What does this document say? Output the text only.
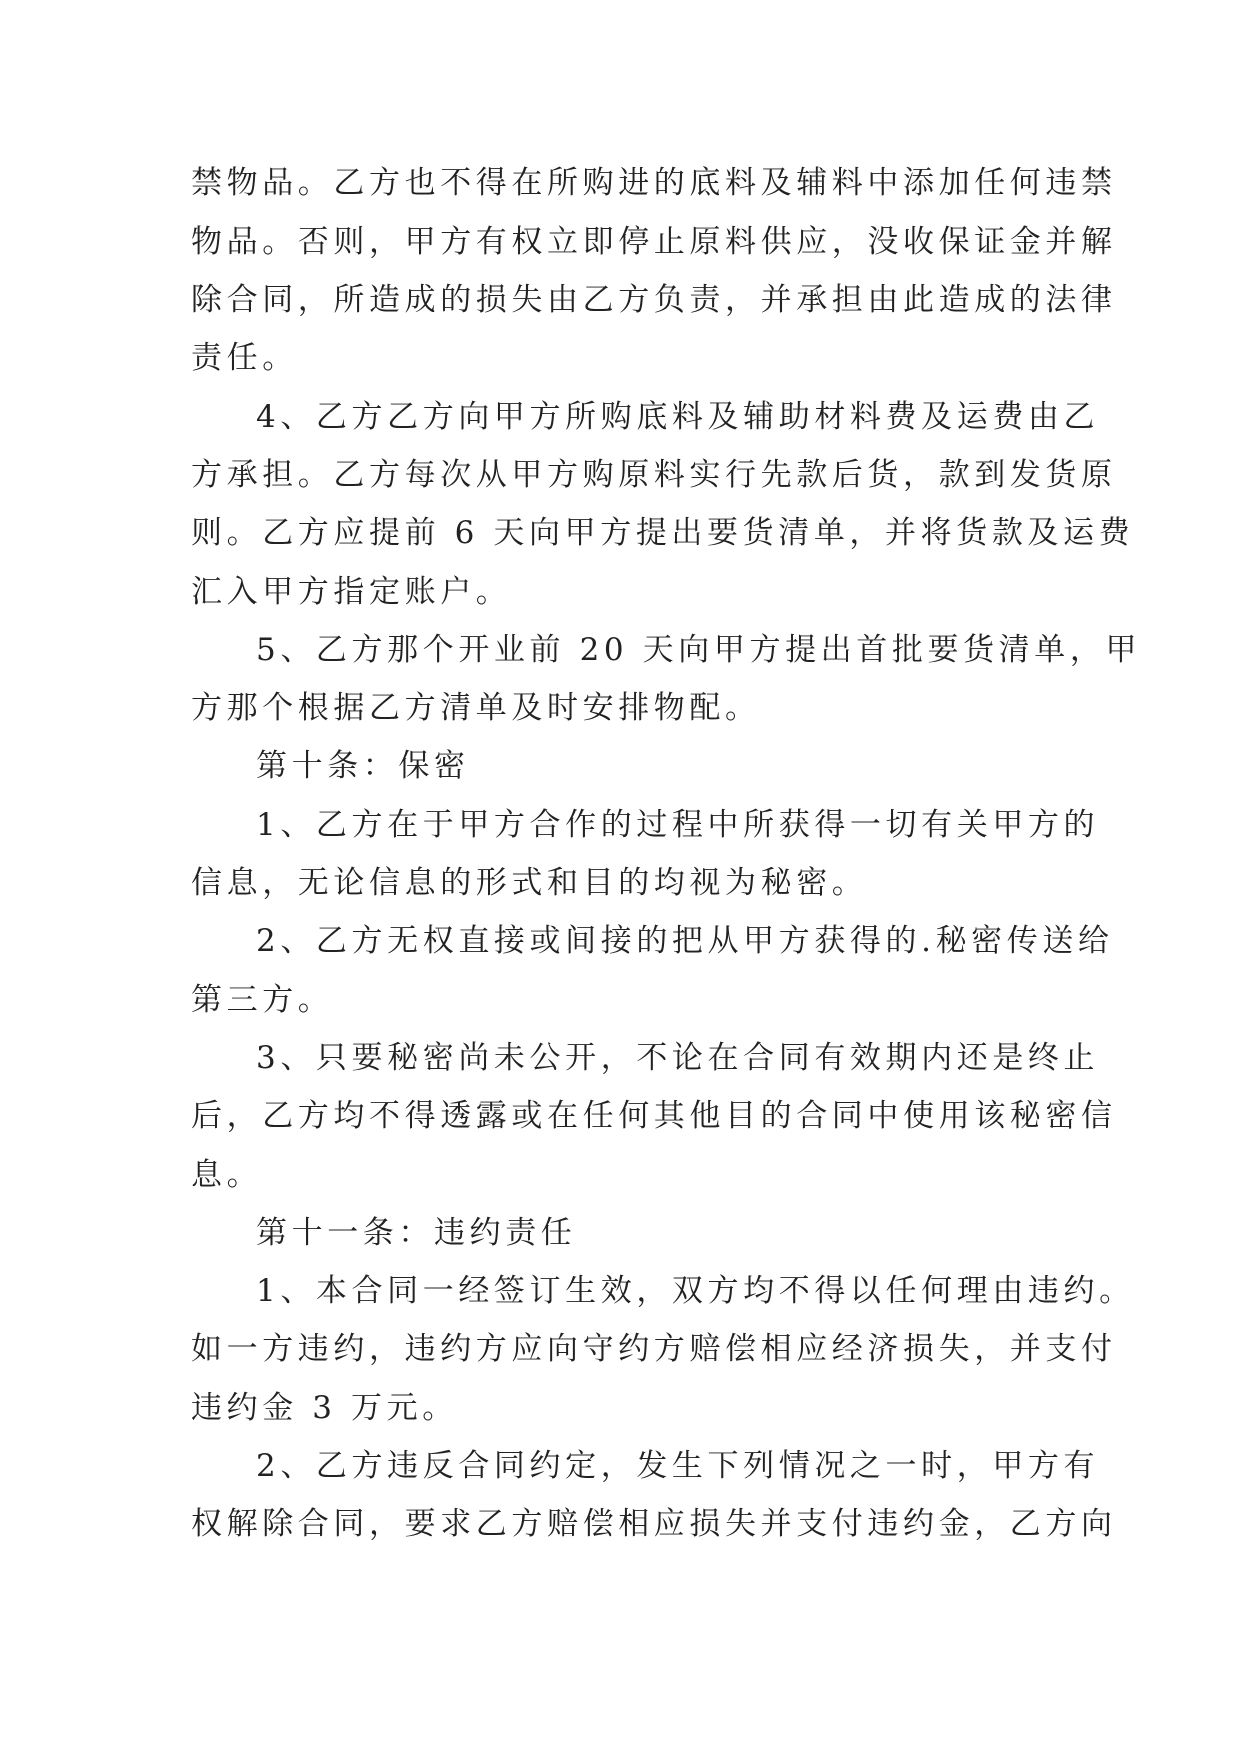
禁物品。乙方也不得在所购进的底料及辅料中添加任何违禁
物品。否则，甲方有权立即停止原料供应，没收保证金并解
除合同，所造成的损失由乙方负责，并承担由此造成的法律
责任。
4、乙方乙方向甲方所购底料及辅助材料费及运费由乙
方承担。乙方每次从甲方购原料实行先款后货，款到发货原
则。乙方应提前 6 天向甲方提出要货清单，并将货款及运费
汇入甲方指定账户。
5、乙方那个开业前 20 天向甲方提出首批要货清单，甲
方那个根据乙方清单及时安排物配。
第十条：保密
1、乙方在于甲方合作的过程中所获得一切有关甲方的
信息，无论信息的形式和目的均视为秘密。
2、乙方无权直接或间接的把从甲方获得的.秘密传送给
第三方。
3、只要秘密尚未公开，不论在合同有效期内还是终止
后，乙方均不得透露或在任何其他目的合同中使用该秘密信
息。
第十一条：违约责任
1、本合同一经签订生效，双方均不得以任何理由违约。
如一方违约，违约方应向守约方赔偿相应经济损失，并支付
违约金 3 万元。
2、乙方违反合同约定，发生下列情况之一时，甲方有
权解除合同，要求乙方赔偿相应损失并支付违约金，乙方向
